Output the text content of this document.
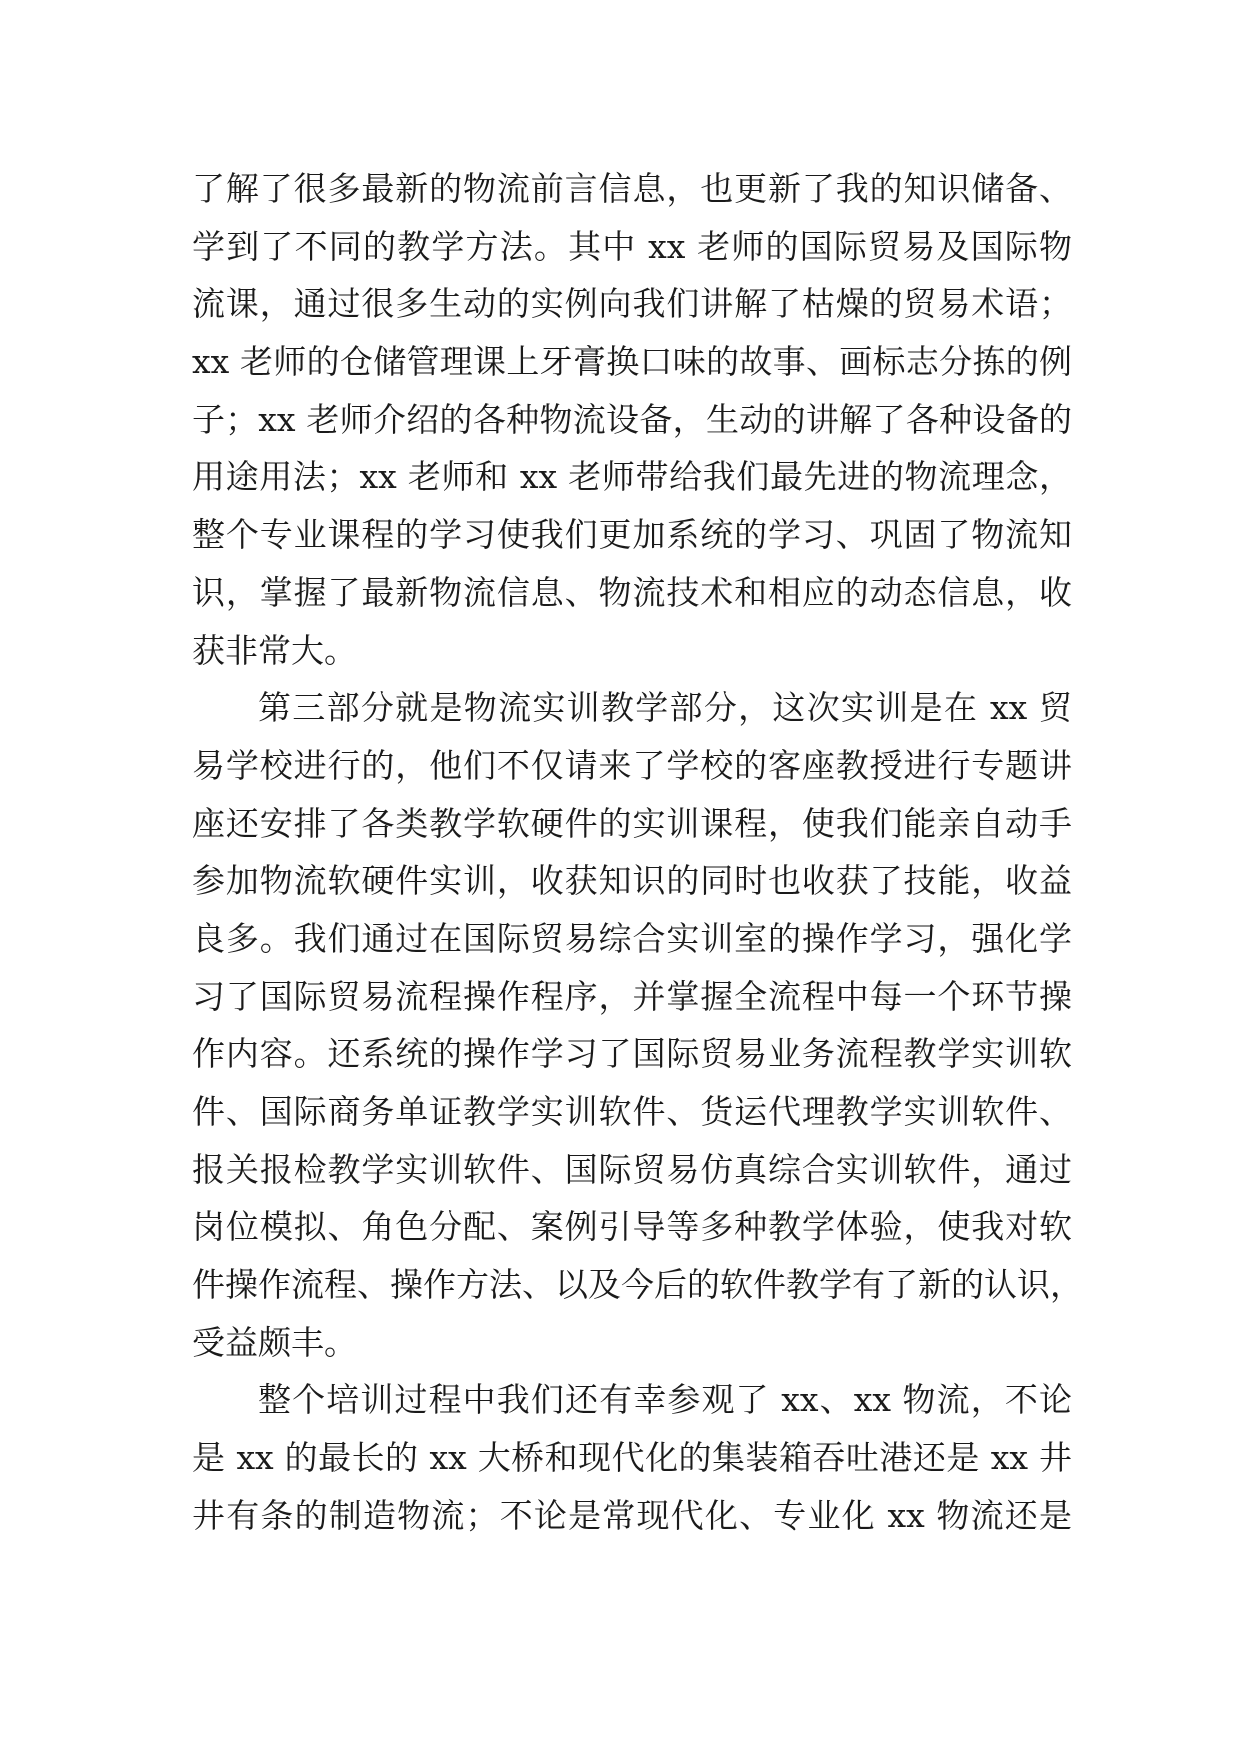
了解了很多最新的物流前言信息，也更新了我的知识储备、
学到了不同的教学方法。其中 xx 老师的国际贸易及国际物
流课，通过很多生动的实例向我们讲解了枯燥的贸易术语；
xx 老师的仓储管理课上牙膏换口味的故事、画标志分拣的例
子；xx 老师介绍的各种物流设备，生动的讲解了各种设备的
用途用法；xx 老师和 xx 老师带给我们最先进的物流理念，
整个专业课程的学习使我们更加系统的学习、巩固了物流知
识，掌握了最新物流信息、物流技术和相应的动态信息，收
获非常大。
第三部分就是物流实训教学部分，这次实训是在 xx 贸
易学校进行的，他们不仅请来了学校的客座教授进行专题讲
座还安排了各类教学软硬件的实训课程，使我们能亲自动手
参加物流软硬件实训，收获知识的同时也收获了技能，收益
良多。我们通过在国际贸易综合实训室的操作学习，强化学
习了国际贸易流程操作程序，并掌握全流程中每一个环节操
作内容。还系统的操作学习了国际贸易业务流程教学实训软
件、国际商务单证教学实训软件、货运代理教学实训软件、
报关报检教学实训软件、国际贸易仿真综合实训软件，通过
岗位模拟、角色分配、案例引导等多种教学体验，使我对软
件操作流程、操作方法、以及今后的软件教学有了新的认识，
受益颇丰。
整个培训过程中我们还有幸参观了 xx、xx 物流，不论
是 xx 的最长的 xx 大桥和现代化的集装箱吞吐港还是 xx 井
井有条的制造物流；不论是常现代化、专业化 xx 物流还是
